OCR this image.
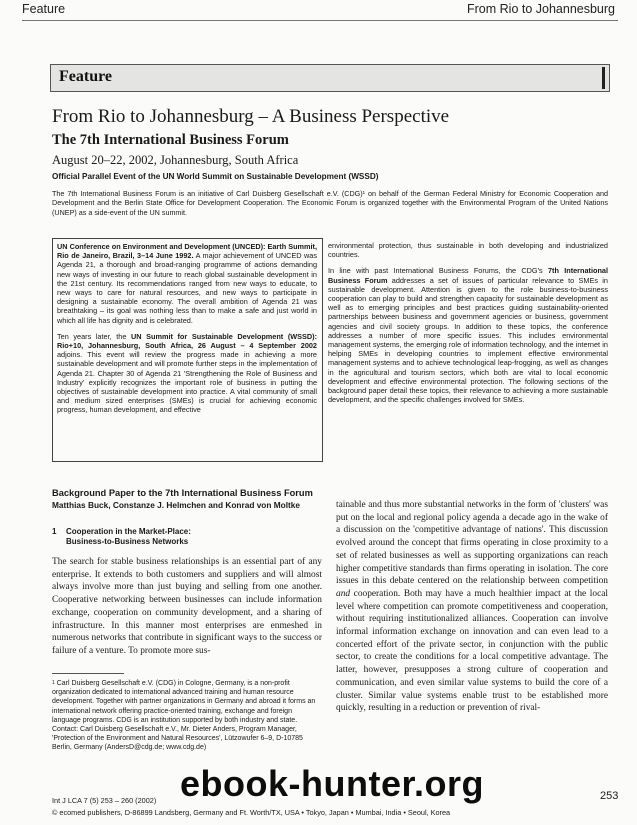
Feature	From Rio to Johannesburg
Feature
From Rio to Johannesburg – A Business Perspective
The 7th International Business Forum
August 20–22, 2002, Johannesburg, South Africa
Official Parallel Event of the UN World Summit on Sustainable Development (WSSD)
The 7th International Business Forum is an initiative of Carl Duisberg Gesellschaft e.V. (CDG)¹ on behalf of the German Federal Ministry for Economic Cooperation and Development and the Berlin State Office for Development Cooperation. The Economic Forum is organized together with the Environmental Program of the United Nations (UNEP) as a side-event of the UN summit.

UN Conference on Environment and Development (UNCED): Earth Summit, Rio de Janeiro, Brazil, 3–14 June 1992. A major achievement of UNCED was Agenda 21, a thorough and broad-ranging programme of actions demanding new ways of investing in our future to reach global sustainable development in the 21st century. Its recommendations ranged from new ways to educate, to new ways to care for natural resources, and new ways to participate in designing a sustainable economy. The overall ambition of Agenda 21 was breathtaking – its goal was nothing less than to make a safe and just world in which all life has dignity and is celebrated.

Ten years later, the UN Summit for Sustainable Development (WSSD): Rio+10, Johannesburg, South Africa, 26 August – 4 September 2002 adjoins. This event will review the progress made in achieving a more sustainable development and will promote further steps in the implementation of Agenda 21. Chapter 30 of Agenda 21 'Strengthening the Role of Business and Industry' explicitly recognizes the important role of business in putting the objectives of sustainable development into practice. A vital community of small and medium sized enterprises (SMEs) is crucial for achieving economic progress, human development, and effective

environmental protection, thus sustainable in both developing and industrialized countries.

In line with past International Business Forums, the CDG's 7th International Business Forum addresses a set of issues of particular relevance to SMEs in sustainable development. Attention is given to the role business-to-business cooperation can play to build and strengthen capacity for sustainable development as well as to emerging principles and best practices guiding sustainability-oriented partnerships between business and government agencies or business, government agencies and civil society groups. In addition to these topics, the conference addresses a number of more specific issues. This includes environmental management systems, the emerging role of information technology, and the internet in helping SMEs in developing countries to implement effective environmental management systems and to achieve technological leap-frogging, as well as changes in the agricultural and tourism sectors, which both are vital to local economic development and effective environmental protection. The following sections of the background paper detail these topics, their relevance to achieving a more sustainable development, and the specific challenges involved for SMEs.

Background Paper to the 7th International Business Forum
Matthias Buck, Constanze J. Helmchen and Konrad von Moltke
1 Cooperation in the Market-Place:
Business-to-Business Networks
The search for stable business relationships is an essential part of any enterprise. It extends to both customers and suppliers and will almost always involve more than just buying and selling from one another. Cooperative networking between businesses can include information exchange, cooperation on community development, and a sharing of infrastructure. In this manner most enterprises are enmeshed in numerous networks that contribute in significant ways to the success or failure of a venture. To promote more sus-
tainable and thus more substantial networks in the form of 'clusters' was put on the local and regional policy agenda a decade ago in the wake of a discussion on the 'competitive advantage of nations'. This discussion evolved around the concept that firms operating in close proximity to a set of related businesses as well as supporting organizations can reach higher competitive standards than firms operating in isolation. The core issues in this debate centered on the relationship between competition and cooperation. Both may have a much healthier impact at the local level where competition can promote competitiveness and cooperation, without requiring institutionalized alliances. Cooperation can involve informal information exchange on innovation and can even lead to a concerted effort of the private sector, in conjunction with the public sector, to create the conditions for a local competitive advantage. The latter, however, presupposes a strong culture of cooperation and communication, and even similar value systems to build the core of a cluster. Similar value systems enable trust to be established more quickly, resulting in a reduction or prevention of rival-
$^1$ Carl Duisberg Gesellschaft e.V. (CDG) in Cologne, Germany, is a non-profit organization dedicated to international advanced training and human resource development. Together with partner organizations in Germany and abroad it forms an international network offering practice-oriented training, exchange and foreign language programs. CDG is an institution supported by both industry and state. Contact: Carl Duisberg Gesellschaft e.V., Mr. Dieter Anders, Program Manager, 'Protection of the Environment and Natural Resources', Lützowufer 6–9, D-10785 Berlin, Germany (AndersD@cdg.de; www.cdg.de)
Int J LCA 7 (5) 253 – 260 (2002)
© ecomed publishers, D-86899 Landsberg, Germany and Ft. Worth/TX, USA • Tokyo, Japan • Mumbai, India • Seoul, Korea
253
ebook-hunter.org
